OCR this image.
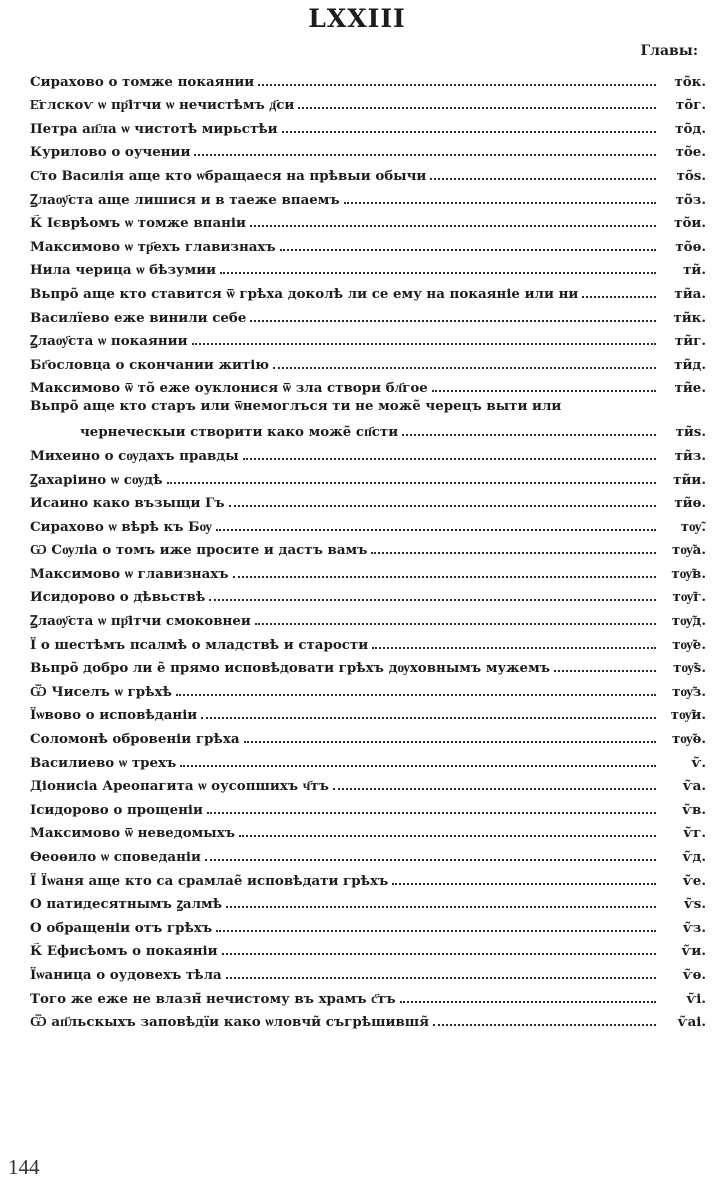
LXXIII
Главы:
Сирахово о томже покаянии	то̃к.
Е҃глскоѵ ѡ пр҃ітчи ѡ нечистѣмъ д҃си	то̃г.
Петра ап҃ла ѡ чистотѣ мирьстѣи	то̃д.
Курилово о оучении	то̃е.
С҃то Василія аще кто ѡбращаеся на прѣвыи обычи	то̃ѕ.
Ꙁлаѹ҃ста аще лишися и в таеже впаемъ	то̃з.
К̃ Ієврѣомъ ѡ томже впаніи	то̃и.
Максимово ѡ тр҃ехъ главизнахъ	то̃ѳ.
Нила черица ѡ бѣзумии	ти̃.
Вьпро̃ аще кто ставится ѿ грѣха доколѣ ли се ему на покаяніе или ни	ти̃а.
Василїево еже винили себе	ти̃к.
Ꙁлаѹ҃ста ѡ покаянии	ти̃г.
Бг҃ословца о скончании житію	ти̃д.
Максимово ѿ то̃ еже оуклонися ѿ зла створи бл҃гое	ти̃е.
Вьпро̃ аще кто старъ или ѿнемоглъся ти не може̃ черецъ выти или
чернеческыи створити како може̃ сп҃сти	ти̃ѕ.
Михеино о сѹдахъ правды	ти̃з.
Ꙁахаріино ѡ сѹдѣ	ти̃и.
Исаино како възыщи Гъ	ти̃ѳ.
Сирахово ѡ вѣрѣ къ Бѹ	тѹ̃.
Ѡ Сѹліа о томъ иже просите и дастъ вамъ	тѹ̃а.
Максимово ѡ главизнахъ	тѹ̃в.
Исидорово о дѣвьствѣ	тѹ̃г.
Ꙁлаѹ҃ста ѡ пр҃ітчи смоковнеи	тѹ̃д.
Ї о шестѣмъ псалмѣ о младствѣ и старости	тѹ̃е.
Вьпро̃ добро ли е̃ прямо исповѣдовати грѣхъ дѹховнымъ мужемъ	тѹ̃ѕ.
Ѿ Чиселъ ѡ грѣхѣ	тѹ̃з.
Їѡвово о исповѣданіи	тѹ̃и.
Соломонѣ обровеніи грѣха	тѹ̃ѳ.
Василиево ѡ трехъ	ѵ̃.
Діонисіа Ареопагита ѡ оусопшихъ ч҃тъ	ѵ̃а.
Ісидорово о прощеніи	ѵ̃в.
Максимово ѿ неведомыхъ	ѵ̃г.
Ѳеоѳило ѡ споведаніи	ѵ̃д.
Ї Їѡаня аще кто са срамлае̃ исповѣдати грѣхъ	ѵ̃е.
О патидесятнымъ ꙁалмѣ	ѵ̃ѕ.
О обращеніи отъ грѣхъ	ѵ̃з.
К̃ Ефисѣомъ о покаяніи	ѵ̃и.
Їѡаница о оудовехъ тѣла	ѵ̃ѳ.
Того же еже не влазн̃ нечистому въ храмъ с҃тъ	ѵ̃і.
Ѿ ап҃льскыхъ заповѣдїи како ѡловчи̃ съгрѣшившя̃	ѵ̃аі.
144
